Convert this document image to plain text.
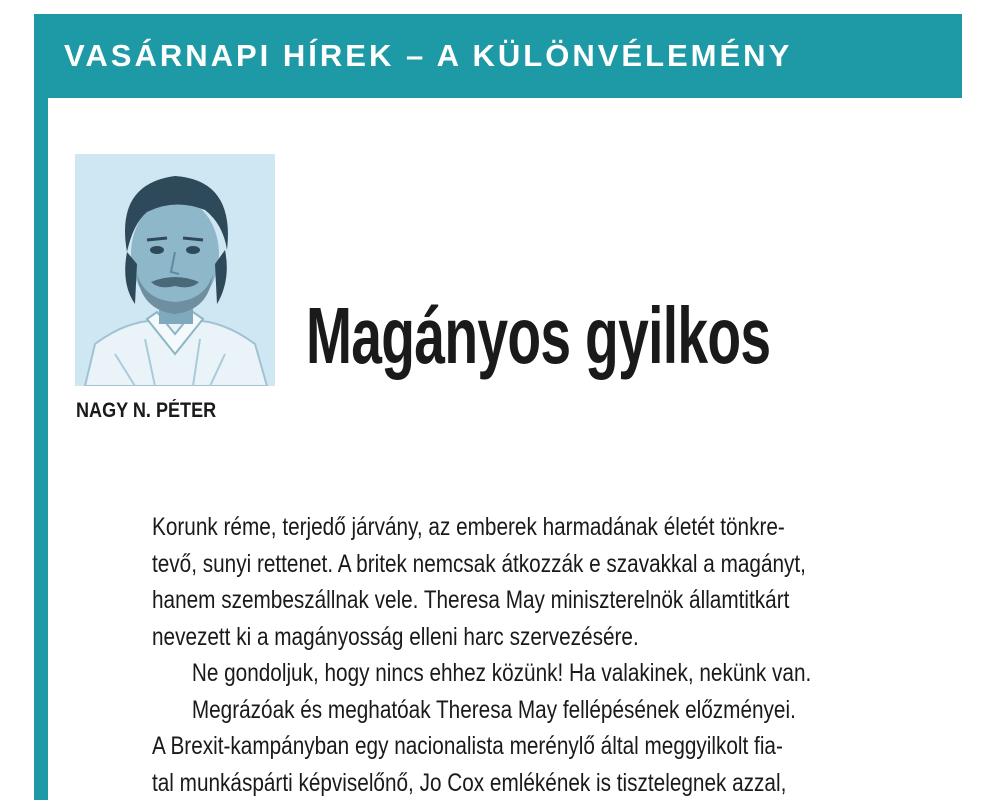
VASÁRNAPI HÍREK – A KÜLÖNVÉLEMÉNY
NAGY N. PÉTER
Magányos gyilkos
Korunk réme, terjedő járvány, az emberek harmadának életét tönkre-
tevő, sunyi rettenet. A britek nemcsak átkozzák e szavakkal a magányt,
hanem szembeszállnak vele. Theresa May miniszterelnök államtitkárt
nevezett ki a magányosság elleni harc szervezésére.
Ne gondoljuk, hogy nincs ehhez közünk! Ha valakinek, nekünk van.
Megrázóak és meghatóak Theresa May fellépésének előzményei.
A Brexit-kampányban egy nacionalista merénylő által meggyilkolt fia-
tal munkáspárti képviselőnő, Jo Cox emlékének is tisztelegnek azzal,
